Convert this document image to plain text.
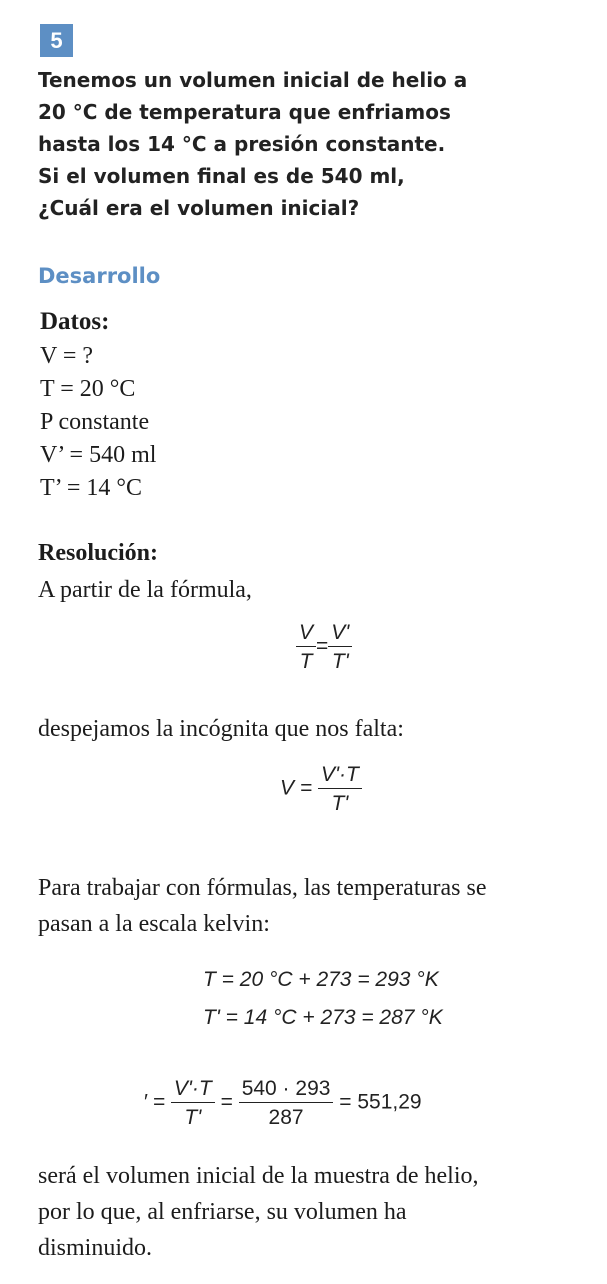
5

Tenemos un volumen inicial de helio a
20 °C de temperatura que enfriamos
hasta los 14 °C a presión constante.
Si el volumen final es de 540 ml,
¿Cuál era el volumen inicial?

Desarrollo
Datos:
V = ?
T = 20 °C
P constante
V’ = 540 ml
T’ = 14 °C
Resolución:

A partir de la fórmula,

$\frac{V}{T} = \frac{V'}{T'}$

despejamos la incógnita que nos falta:

$V = \frac{V'\cdot T}{T'}$

Para trabajar con fórmulas, las temperaturas se
pasan a la escala kelvin:

T = 20 °C + 273 = 293 °K
T' = 14 °C + 273 = 287 °K
′ = $\frac{V'\cdot T}{T'} = \frac{540 \cdot 293}{287} = 551,29$

será el volumen inicial de la muestra de helio,
por lo que, al enfriarse, su volumen ha
disminuido.
